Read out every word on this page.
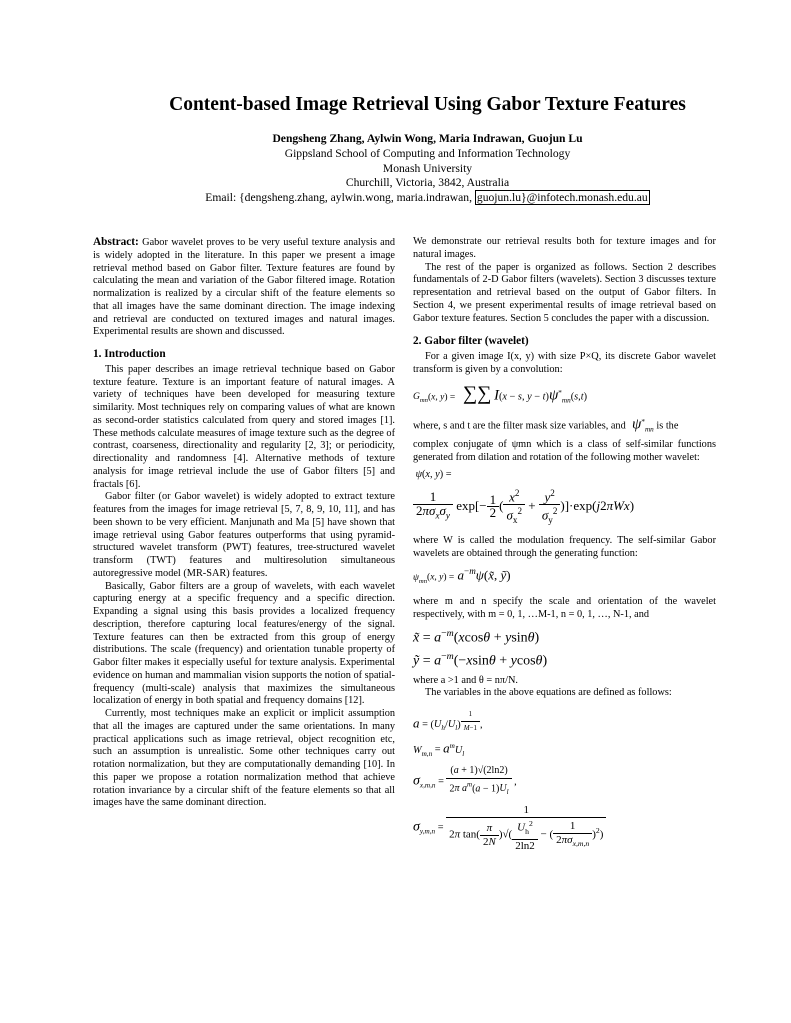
Content-based Image Retrieval Using Gabor Texture Features
Dengsheng Zhang, Aylwin Wong, Maria Indrawan, Guojun Lu
Gippsland School of Computing and Information Technology
Monash University
Churchill, Victoria, 3842, Australia
Email: {dengsheng.zhang, aylwin.wong, maria.indrawan, guojun.lu}@infotech.monash.edu.au

Abstract: Gabor wavelet proves to be very useful texture analysis and is widely adopted in the literature. In this paper we present a image retrieval method based on Gabor filter. Texture features are found by calculating the mean and variation of the Gabor filtered image. Rotation normalization is realized by a circular shift of the feature elements so that all images have the same dominant direction. The image indexing and retrieval are conducted on textured images and natural images. Experimental results are shown and discussed.

1. Introduction

This paper describes an image retrieval technique based on Gabor texture feature. Texture is an important feature of natural images. A variety of techniques have been developed for measuring texture similarity. Most techniques rely on comparing values of what are known as second-order statistics calculated from query and stored images [1]. These methods calculate measures of image texture such as the degree of contrast, coarseness, directionality and regularity [2, 3]; or periodicity, directionality and randomness [4]. Alternative methods of texture analysis for image retrieval include the use of Gabor filters [5] and fractals [6].

Gabor filter (or Gabor wavelet) is widely adopted to extract texture features from the images for image retrieval [5, 7, 8, 9, 10, 11], and has been shown to be very efficient. Manjunath and Ma [5] have shown that image retrieval using Gabor features outperforms that using pyramid-structured wavelet transform (PWT) features, tree-structured wavelet transform (TWT) features and multiresolution simultaneous autoregressive model (MR-SAR) features.

Basically, Gabor filters are a group of wavelets, with each wavelet capturing energy at a specific frequency and a specific direction. Expanding a signal using this basis provides a localized frequency description, therefore capturing local features/energy of the signal. Texture features can then be extracted from this group of energy distributions. The scale (frequency) and orientation tunable property of Gabor filter makes it especially useful for texture analysis. Experimental evidence on human and mammalian vision supports the notion of spatial-frequency (multi-scale) analysis that maximizes the simultaneous localization of energy in both spatial and frequency domains [12].

Currently, most techniques make an explicit or implicit assumption that all the images are captured under the same orientations. In many practical applications such as image retrieval, object recognition etc, such an assumption is unrealistic. Some other techniques carry out rotation normalization, but they are computationally demanding [10]. In this paper we propose a rotation normalization method that achieve rotation invariance by a circular shift of the feature elements so that all images have the same dominant direction.

We demonstrate our retrieval results both for texture images and for natural images.

The rest of the paper is organized as follows. Section 2 describes fundamentals of 2-D Gabor filters (wavelets). Section 3 discusses texture representation and retrieval based on the output of Gabor filters. In Section 4, we present experimental results of image retrieval based on Gabor texture features. Section 5 concludes the paper with a discussion.

2. Gabor filter (wavelet)

For a given image I(x, y) with size P×Q, its discrete Gabor wavelet transform is given by a convolution:

$G_{mn}(x$, y) =  ∑∑ I(x − s, $y - t)\psi^*_{mn}(s,t)$

where, s and t are the filter mask size variables, and  $\psi^*_{mn}$ is the

complex conjugate of ψmn which is a class of self-similar functions generated from dilation and rotation of the following mother wavelet:

ψ(x, y) =
$\frac{1}{2\pi\sigma_x\sigma_y} \exp[- \frac{1}{2}$ ( $\frac{x^2}{\sigma_x^2} + \frac{y^2}{\sigma_y^2} )]\cdot\exp(j2\pi Wx)$

where W is called the modulation frequency. The self-similar Gabor wavelets are obtained through the generating function:

$\psi_{mn}(x$, $y) = a^{-m}\psi(x̃$, ỹ)

where m and n specify the scale and orientation of the wavelet respectively, with m = 0, 1, …M-1, n = 0, 1, …, N-1, and

x̃ = $a^{-m}(xcos\theta + ysin\theta)$
ỹ = $a^{-m}(-xsin\theta + ycos\theta)$

where a >1 and θ = nπ/N.

The variables in the above equations are defined as follows:

$a = (U_h/U_l)$ $^{\frac{1}{M-1}}$ ,
$W_{m,n} = a^mU_l$
$\sigma_{x,m,n} = \frac{(a + 1)√(2\ln 2)}{2\pi a^m(a - 1)U_l}$ ,
$\sigma_{y,m,n} = \frac{1}{2\pi \tan( \frac{\pi}{2N} )√( \frac{U_h^2}{2\ln 2} - ( \frac{1}{2\pi\sigma_{x,m,n}} )^2)}$
